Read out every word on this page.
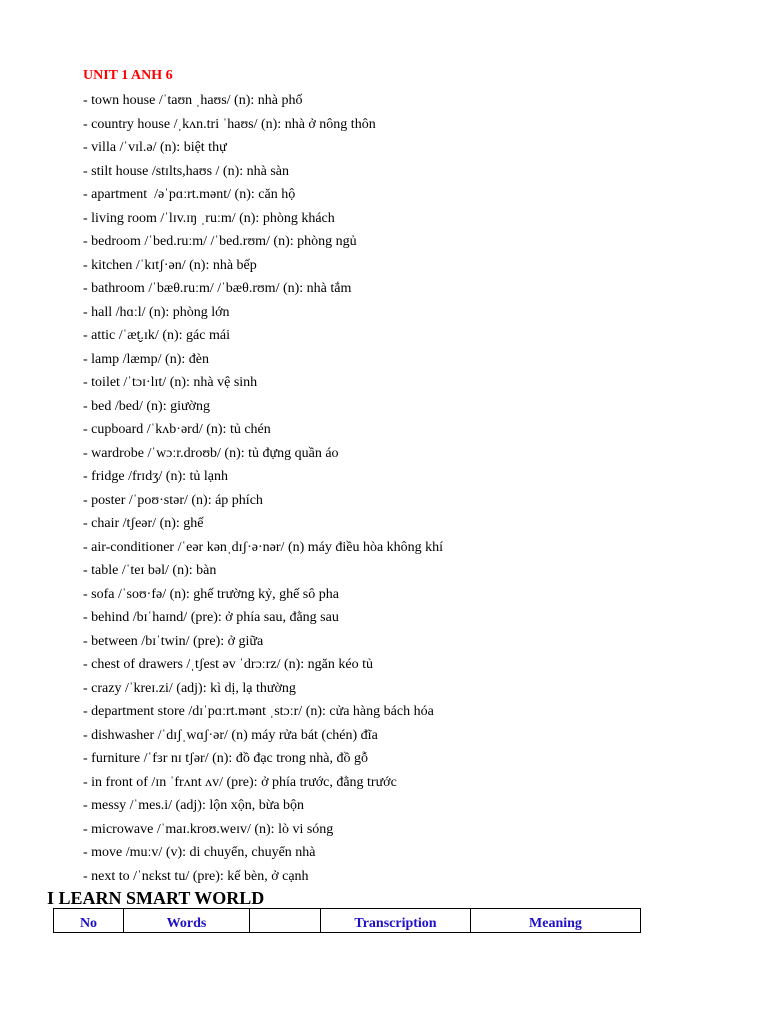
UNIT 1 ANH 6
- town house /ˈtaʊn ˌhaʊs/ (n): nhà phố
- country house /ˌkʌn.tri ˈhaʊs/ (n): nhà ở nông thôn
- villa /ˈvɪl.ə/ (n): biệt thự
- stilt house /stɪlts,haʊs / (n): nhà sàn
- apartment  /əˈpɑːrt.mənt/ (n): căn hộ
- living room /ˈlɪv.ɪŋ ˌruːm/ (n): phòng khách
- bedroom /ˈbed.ruːm/ /ˈbed.rʊm/ (n): phòng ngủ
- kitchen /ˈkɪtʃ·ən/ (n): nhà bếp
- bathroom /ˈbæθ.ruːm/ /ˈbæθ.rʊm/ (n): nhà tắm
- hall /hɑːl/ (n): phòng lớn
- attic /ˈæt̬.ɪk/ (n): gác mái
- lamp /læmp/ (n): đèn
- toilet /ˈtɔɪ·lɪt/ (n): nhà vệ sinh
- bed /bed/ (n): giường
- cupboard /ˈkʌb·ərd/ (n): tủ chén
- wardrobe /ˈwɔːr.droʊb/ (n): tủ đựng quần áo
- fridge /frɪdʒ/ (n): tủ lạnh
- poster /ˈpoʊ·stər/ (n): áp phích
- chair /tʃeər/ (n): ghế
- air-conditioner /ˈeər kənˌdɪʃ·ə·nər/ (n) máy điều hòa không khí
- table /ˈteɪ bəl/ (n): bàn
- sofa /ˈsoʊ·fə/ (n): ghế trường kỷ, ghế sô pha
- behind /bɪˈhaɪnd/ (pre): ở phía sau, đằng sau
- between /bɪˈtwin/ (pre): ở giữa
- chest of drawers /ˌtʃest əv ˈdrɔːrz/ (n): ngăn kéo tủ
- crazy /ˈkreɪ.zi/ (adj): kì dị, lạ thường
- department store /dɪˈpɑːrt.mənt ˌstɔːr/ (n): cửa hàng bách hóa
- dishwasher /ˈdɪʃˌwɑʃ·ər/ (n) máy rửa bát (chén) đĩa
- furniture /ˈfɜr nɪ tʃər/ (n): đồ đạc trong nhà, đồ gỗ
- in front of /ɪn ˈfrʌnt ʌv/ (pre): ở phía trước, đằng trước
- messy /ˈmes.i/ (adj): lộn xộn, bừa bộn
- microwave /ˈmaɪ.kroʊ.weɪv/ (n): lò vi sóng
- move /muːv/ (v): di chuyển, chuyển nhà
- next to /ˈnɛkst tu/ (pre): kế bèn, ở cạnh
I LEARN SMART WORLD
No	Words		Transcription	Meaning
